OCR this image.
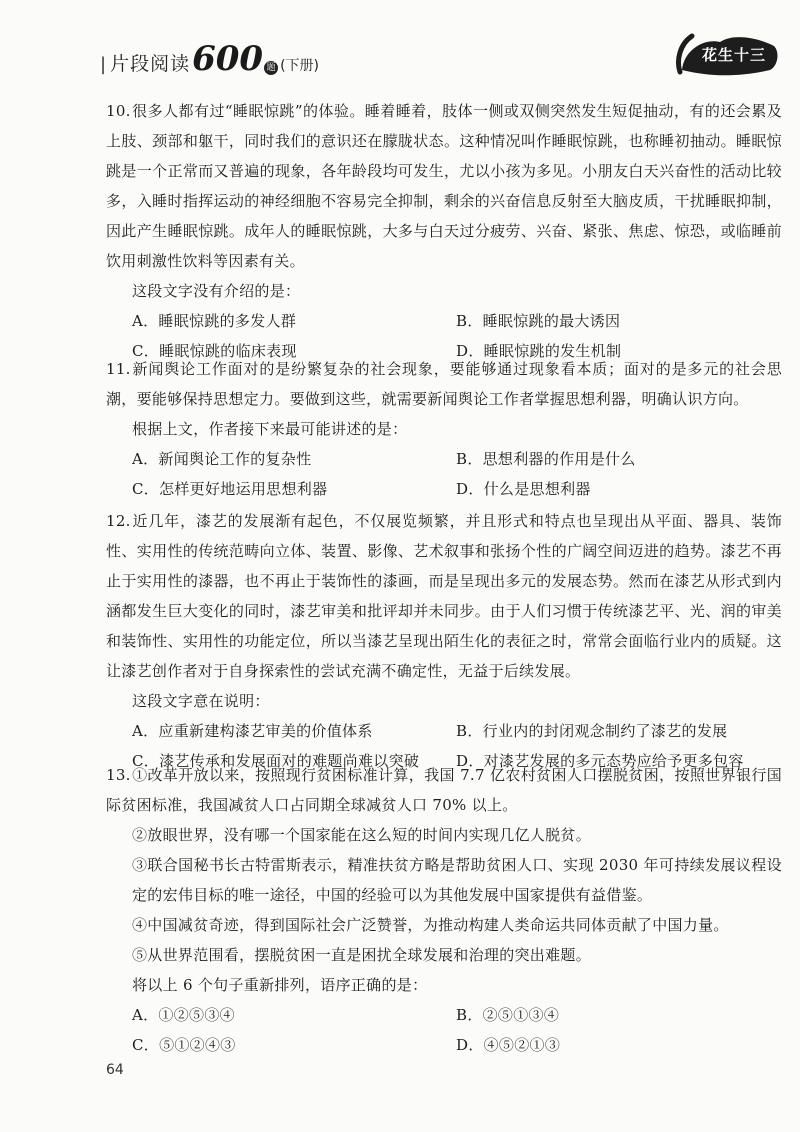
| 片段阅读 600 题 (下册)
花生十三

10.很多人都有过“睡眠惊跳”的体验。睡着睡着，肢体一侧或双侧突然发生短促抽动，有的还会累及上肢、颈部和躯干，同时我们的意识还在朦胧状态。这种情况叫作睡眠惊跳，也称睡初抽动。睡眠惊跳是一个正常而又普遍的现象，各年龄段均可发生，尤以小孩为多见。小朋友白天兴奋性的活动比较多，入睡时指挥运动的神经细胞不容易完全抑制，剩余的兴奋信息反射至大脑皮质，干扰睡眠抑制，因此产生睡眠惊跳。成年人的睡眠惊跳，大多与白天过分疲劳、兴奋、紧张、焦虑、惊恐，或临睡前饮用刺激性饮料等因素有关。

这段文字没有介绍的是：

A．睡眠惊跳的多发人群	B．睡眠惊跳的最大诱因
C．睡眠惊跳的临床表现	D．睡眠惊跳的发生机制

11.新闻舆论工作面对的是纷繁复杂的社会现象，要能够通过现象看本质；面对的是多元的社会思潮，要能够保持思想定力。要做到这些，就需要新闻舆论工作者掌握思想利器，明确认识方向。

根据上文，作者接下来最可能讲述的是：

A．新闻舆论工作的复杂性	B．思想利器的作用是什么
C．怎样更好地运用思想利器	D．什么是思想利器

12.近几年，漆艺的发展渐有起色，不仅展览频繁，并且形式和特点也呈现出从平面、器具、装饰性、实用性的传统范畴向立体、装置、影像、艺术叙事和张扬个性的广阔空间迈进的趋势。漆艺不再止于实用性的漆器，也不再止于装饰性的漆画，而是呈现出多元的发展态势。然而在漆艺从形式到内涵都发生巨大变化的同时，漆艺审美和批评却并未同步。由于人们习惯于传统漆艺平、光、润的审美和装饰性、实用性的功能定位，所以当漆艺呈现出陌生化的表征之时，常常会面临行业内的质疑。这让漆艺创作者对于自身探索性的尝试充满不确定性，无益于后续发展。

这段文字意在说明：

A．应重新建构漆艺审美的价值体系	B．行业内的封闭观念制约了漆艺的发展
C．漆艺传承和发展面对的难题尚难以突破	D．对漆艺发展的多元态势应给予更多包容

13.①改革开放以来，按照现行贫困标准计算，我国 7.7 亿农村贫困人口摆脱贫困，按照世界银行国际贫困标准，我国减贫人口占同期全球减贫人口 70% 以上。

②放眼世界，没有哪一个国家能在这么短的时间内实现几亿人脱贫。

③联合国秘书长古特雷斯表示，精准扶贫方略是帮助贫困人口、实现 2030 年可持续发展议程设定的宏伟目标的唯一途径，中国的经验可以为其他发展中国家提供有益借鉴。

④中国减贫奇迹，得到国际社会广泛赞誉，为推动构建人类命运共同体贡献了中国力量。

⑤从世界范围看，摆脱贫困一直是困扰全球发展和治理的突出难题。

将以上 6 个句子重新排列，语序正确的是：

A．①②⑤③④	B．②⑤①③④
C．⑤①②④③	D．④⑤②①③
64
